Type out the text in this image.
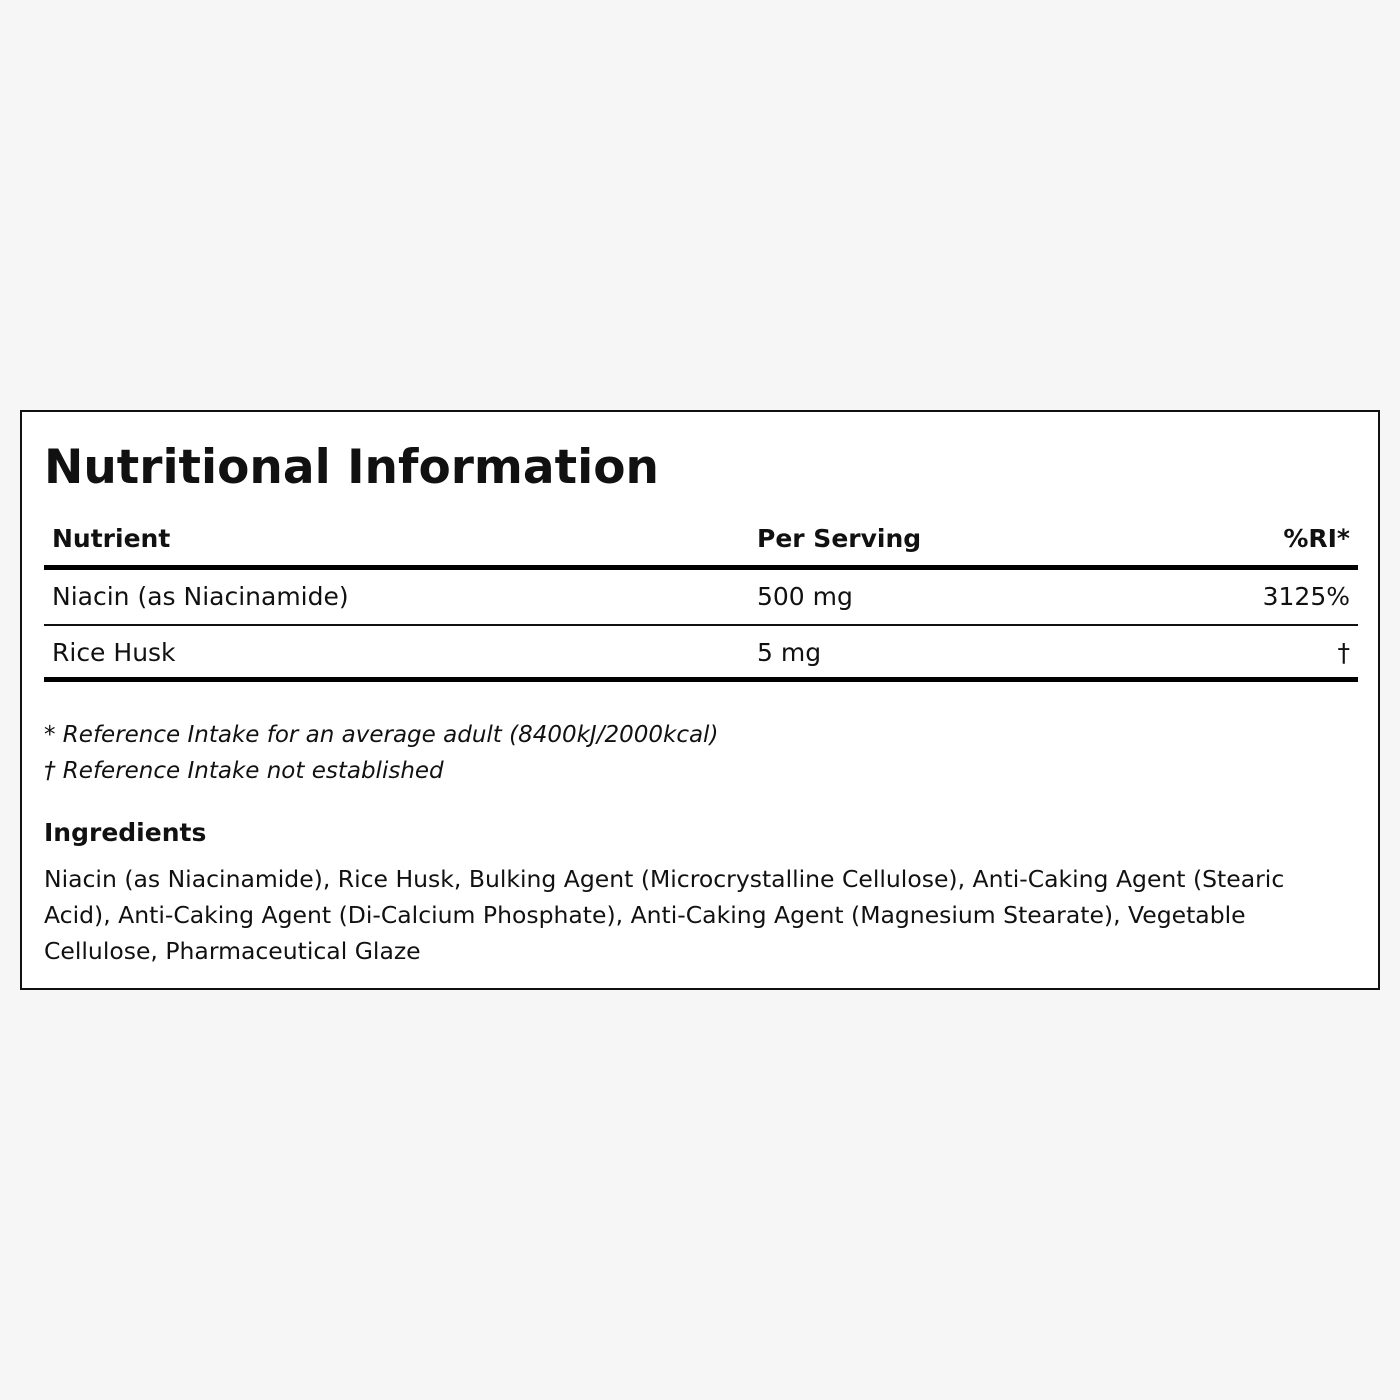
Nutritional Information
Nutrient	Per Serving	%RI*
Niacin (as Niacinamide)	500 mg	3125%
Rice Husk	5 mg	†
* Reference Intake for an average adult (8400kJ/2000kcal)
† Reference Intake not established
Ingredients

Niacin (as Niacinamide), Rice Husk, Bulking Agent (Microcrystalline Cellulose), Anti-Caking Agent (Stearic Acid), Anti-Caking Agent (Di-Calcium Phosphate), Anti-Caking Agent (Magnesium Stearate), Vegetable Cellulose, Pharmaceutical Glaze
